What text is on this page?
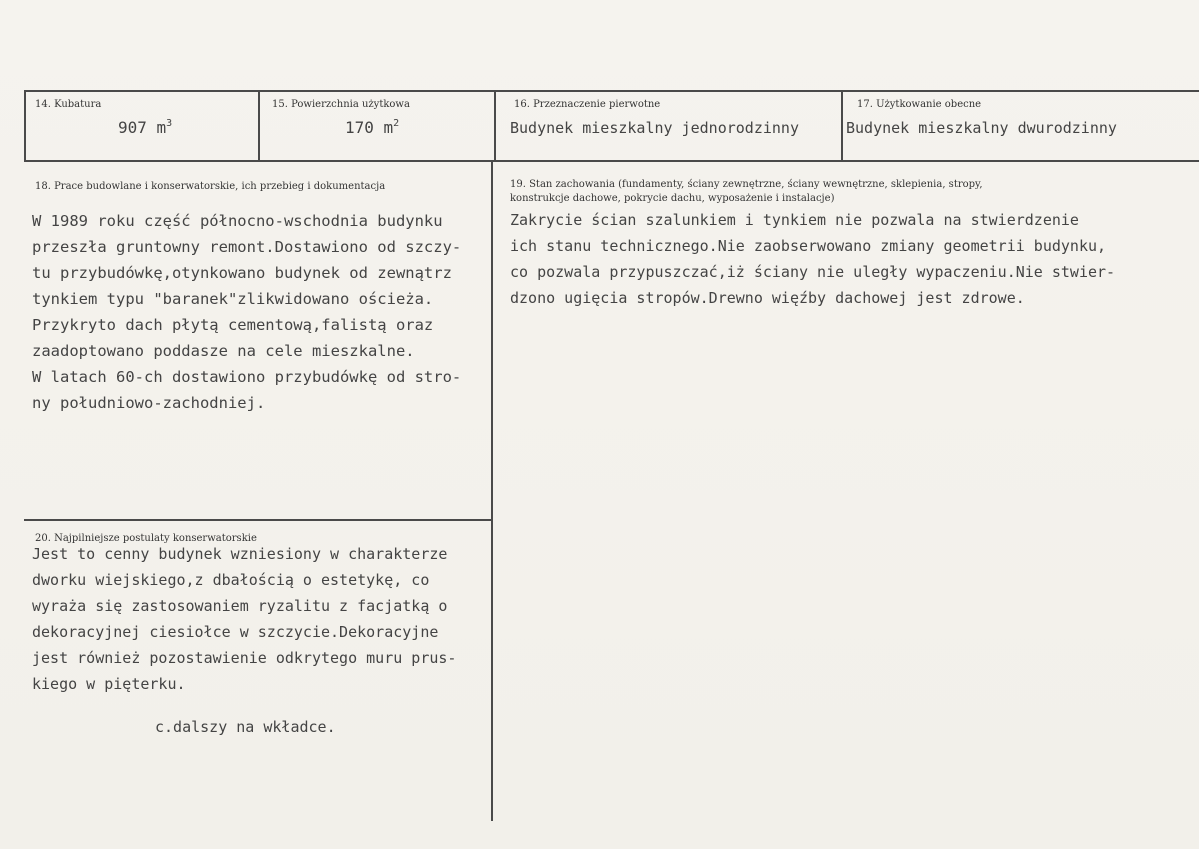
14. Kubatura
907 $m^3$
15. Powierzchnia użytkowa
170 $m^2$
16. Przeznaczenie pierwotne
Budynek mieszkalny jednorodzinny
17. Użytkowanie obecne
Budynek mieszkalny dwurodzinny
18. Prace budowlane i konserwatorskie, ich przebieg i dokumentacja
W 1989 roku część północno-wschodnia budynku
przeszła gruntowny remont.Dostawiono od szczy-
tu przybudówkę,otynkowano budynek od zewnątrz
tynkiem typu "baranek"zlikwidowano ościeża.
Przykryto dach płytą cementową,falistą oraz
zaadoptowano poddasze na cele mieszkalne.
W latach 60-ch dostawiono przybudówkę od stro-
ny południowo-zachodniej.
19. Stan zachowania (fundamenty, ściany zewnętrzne, ściany wewnętrzne, sklepienia, stropy,
konstrukcje dachowe, pokrycie dachu, wyposażenie i instalacje)
Zakrycie ścian szalunkiem i tynkiem nie pozwala na stwierdzenie
ich stanu technicznego.Nie zaobserwowano zmiany geometrii budynku,
co pozwala przypuszczać,iż ściany nie uległy wypaczeniu.Nie stwier-
dzono ugięcia stropów.Drewno więźby dachowej jest zdrowe.
20. Najpilniejsze postulaty konserwatorskie
Jest to cenny budynek wzniesiony w charakterze
dworku wiejskiego,z dbałością o estetykę, co
wyraża się zastosowaniem ryzalitu z facjatką o
dekoracyjnej ciesiołce w szczycie.Dekoracyjne
jest również pozostawienie odkrytego muru prus-
kiego w pięterku.
c.dalszy na wkładce.
